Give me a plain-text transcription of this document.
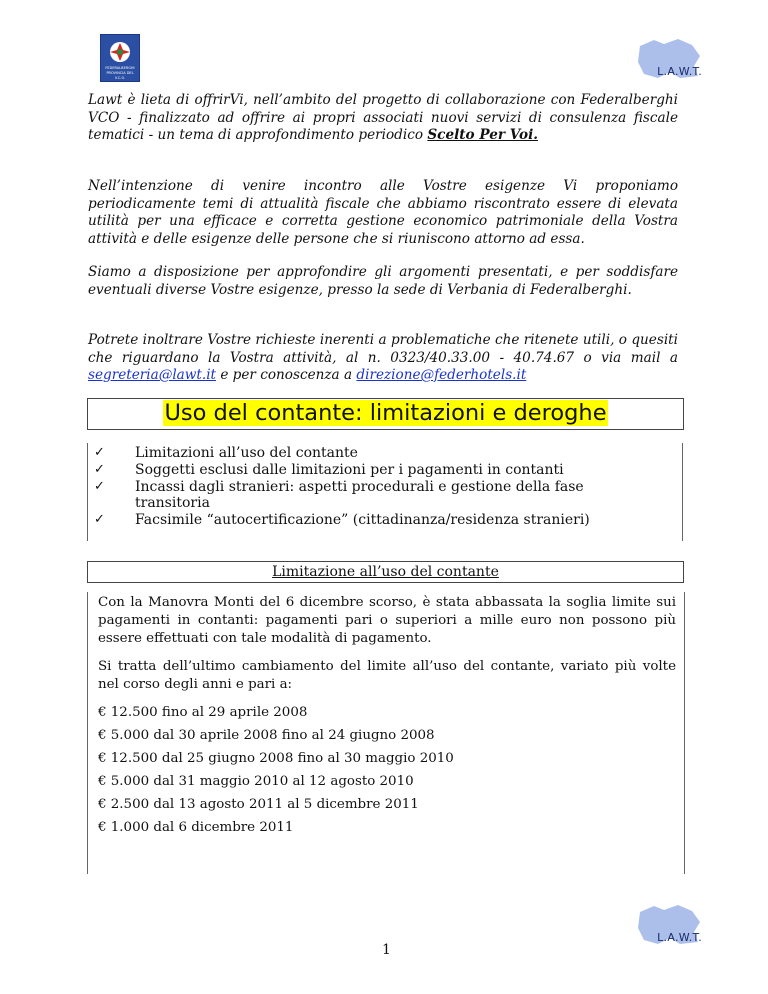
FEDERALBERGHI PROVINCIA DEL V.C.O.	L.A.W.T.
Lawt è lieta di offrirVi, nell’ambito del progetto di collaborazione con Federalberghi VCO - finalizzato ad offrire ai propri associati nuovi servizi di consulenza fiscale tematici - un tema di approfondimento periodico Scelto Per Voi.
Nell’intenzione di venire incontro alle Vostre esigenze Vi proponiamo periodicamente temi di attualità fiscale che abbiamo riscontrato essere di elevata utilità per una efficace e corretta gestione economico patrimoniale della Vostra attività e delle esigenze delle persone che si riuniscono attorno ad essa.
Siamo a disposizione per approfondire gli argomenti presentati, e per soddisfare eventuali diverse Vostre esigenze, presso la sede di Verbania di Federalberghi.
Potrete inoltrare Vostre richieste inerenti a problematiche che ritenete utili, o quesiti che riguardano la Vostra attività, al n. 0323/40.33.00 - 40.74.67 o via mail a segreteria@lawt.it e per conoscenza a direzione@federhotels.it
Uso del contante: limitazioni e deroghe
✓ Limitazioni all’uso del contante
✓ Soggetti esclusi dalle limitazioni per i pagamenti in contanti
✓ Incassi dagli stranieri: aspetti procedurali e gestione della fase transitoria
✓ Facsimile “autocertificazione” (cittadinanza/residenza stranieri)
Limitazione all’uso del contante

Con la Manovra Monti del 6 dicembre scorso, è stata abbassata la soglia limite sui pagamenti in contanti: pagamenti pari o superiori a mille euro non possono più essere effettuati con tale modalità di pagamento.

Si tratta dell’ultimo cambiamento del limite all’uso del contante, variato più volte nel corso degli anni e pari a:

€ 12.500 fino al 29 aprile 2008

€ 5.000 dal 30 aprile 2008 fino al 24 giugno 2008

€ 12.500 dal 25 giugno 2008 fino al 30 maggio 2010

€ 5.000 dal 31 maggio 2010 al 12 agosto 2010

€ 2.500 dal 13 agosto 2011 al 5 dicembre 2011

€ 1.000 dal 6 dicembre 2011

L.A.W.T.
1
